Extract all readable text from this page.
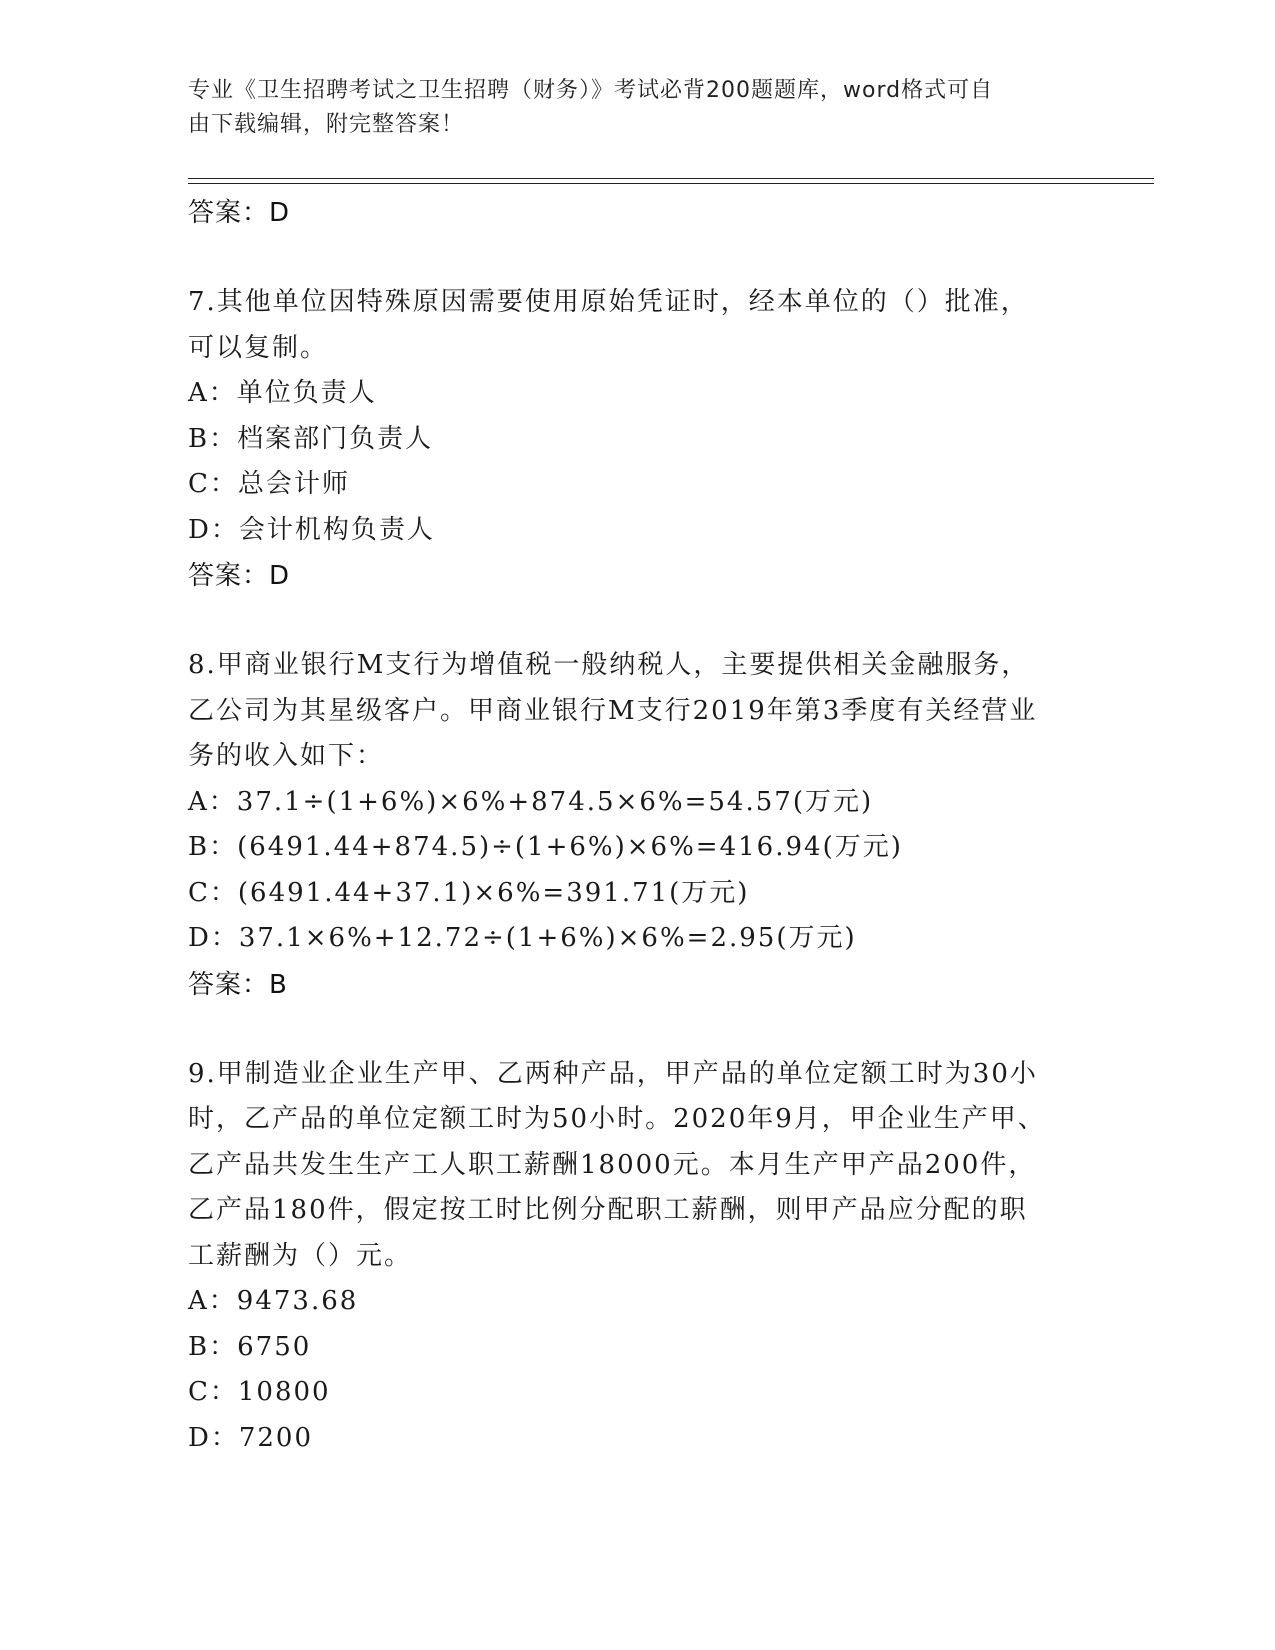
专业《卫生招聘考试之卫生招聘（财务）》考试必背200题题库，word格式可自
由下载编辑，附完整答案！
答案：D
7.其他单位因特殊原因需要使用原始凭证时，经本单位的（）批准，
可以复制。
A：单位负责人
B：档案部门负责人
C：总会计师
D：会计机构负责人
答案：D
8.甲商业银行M支行为增值税一般纳税人，主要提供相关金融服务，
乙公司为其星级客户。甲商业银行M支行2019年第3季度有关经营业
务的收入如下：
A：37.1÷(1+6%)×6%+874.5×6%=54.57(万元)
B：(6491.44+874.5)÷(1+6%)×6%=416.94(万元)
C：(6491.44+37.1)×6%=391.71(万元)
D：37.1×6%+12.72÷(1+6%)×6%=2.95(万元)
答案：B
9.甲制造业企业生产甲、乙两种产品，甲产品的单位定额工时为30小
时，乙产品的单位定额工时为50小时。2020年9月，甲企业生产甲、
乙产品共发生生产工人职工薪酬18000元。本月生产甲产品200件，
乙产品180件，假定按工时比例分配职工薪酬，则甲产品应分配的职
工薪酬为（）元。
A：9473.68
B：6750
C：10800
D：7200
